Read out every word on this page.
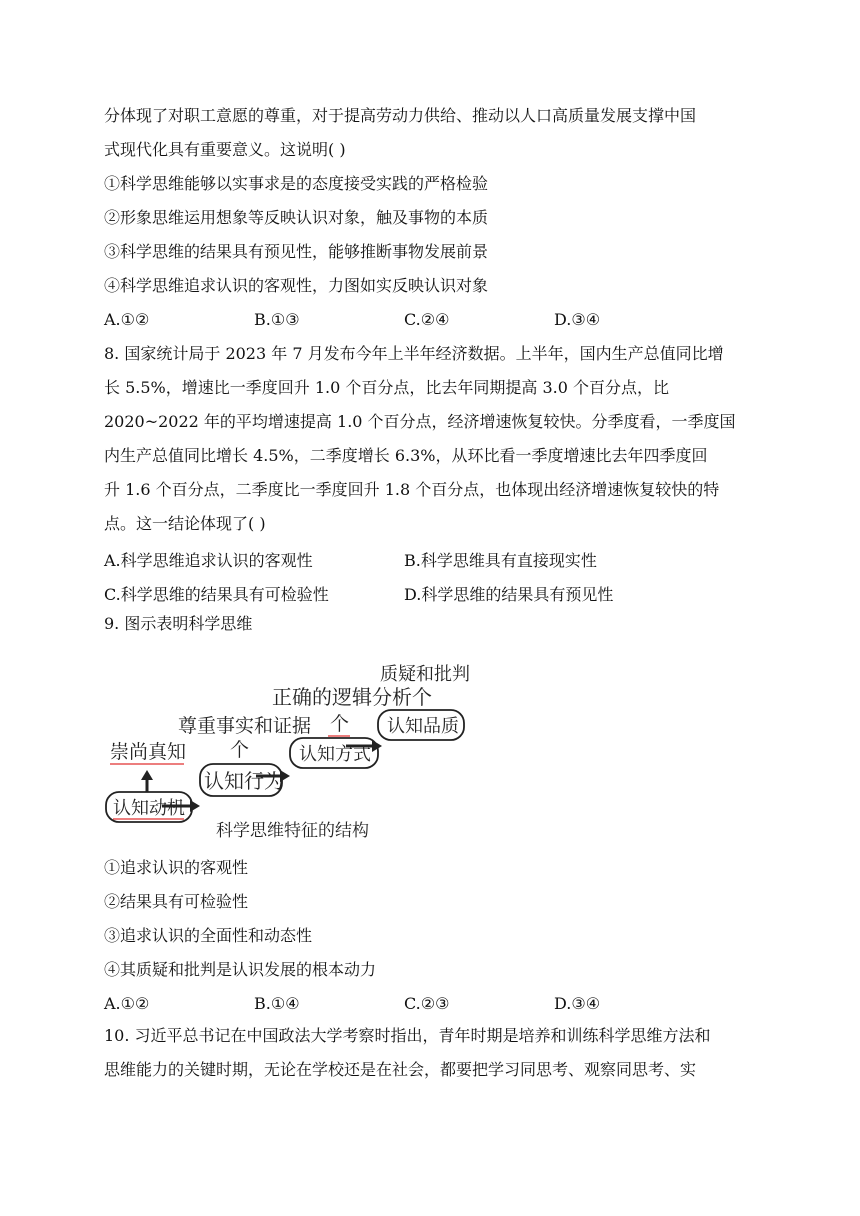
分体现了对职工意愿的尊重，对于提高劳动力供给、推动以人口高质量发展支撑中国
式现代化具有重要意义。这说明( )
①科学思维能够以实事求是的态度接受实践的严格检验
②形象思维运用想象等反映认识对象，触及事物的本质
③科学思维的结果具有预见性，能够推断事物发展前景
④科学思维追求认识的客观性，力图如实反映认识对象
A.①②	B.①③	C.②④	D.③④
8. 国家统计局于 2023 年 7 月发布今年上半年经济数据。上半年，国内生产总值同比增
长 5.5%，增速比一季度回升 1.0 个百分点，比去年同期提高 3.0 个百分点，比
2020~2022 年的平均增速提高 1.0 个百分点，经济增速恢复较快。分季度看，一季度国
内生产总值同比增长 4.5%，二季度增长 6.3%，从环比看一季度增速比去年四季度回
升 1.6 个百分点，二季度比一季度回升 1.8 个百分点，也体现出经济增速恢复较快的特
点。这一结论体现了( )
A.科学思维追求认识的客观性	B.科学思维具有直接现实性
C.科学思维的结果具有可检验性	D.科学思维的结果具有预见性
9. 图示表明科学思维
质疑和批判
正确的逻辑分析 个
尊重事实和证据 个 认知品质
个
崇尚真知	认知方式
认知行为
认知动机
科学思维特征的结构
①追求认识的客观性
②结果具有可检验性
③追求认识的全面性和动态性
④其质疑和批判是认识发展的根本动力
A.①②	B.①④	C.②③	D.③④
10. 习近平总书记在中国政法大学考察时指出，青年时期是培养和训练科学思维方法和
思维能力的关键时期，无论在学校还是在社会，都要把学习同思考、观察同思考、实
